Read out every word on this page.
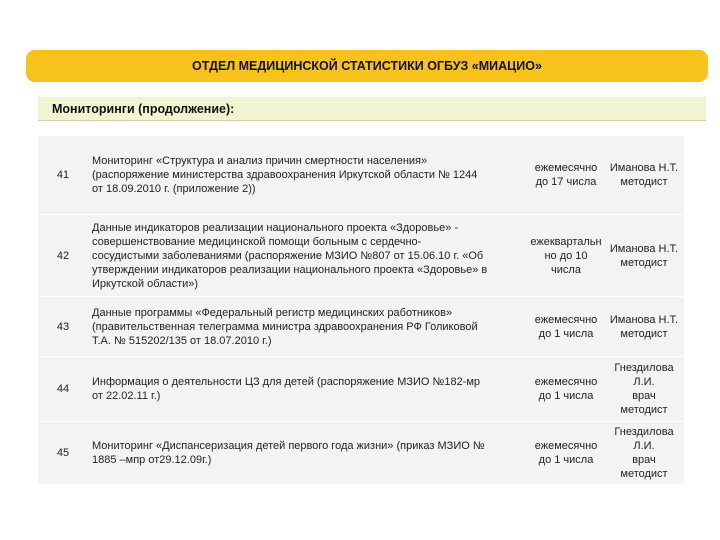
ОТДЕЛ МЕДИЦИНСКОЙ СТАТИСТИКИ ОГБУЗ «МИАЦИО»
Мониторинги (продолжение):
41
Мониторинг «Структура и анализ причин смертности населения»
(распоряжение министерства здравоохранения Иркутской области № 1244
от 18.09.2010 г. (приложение 2))
ежемесячно
до 17 числа
Иманова Н.Т.
методист
42
Данные индикаторов реализации национального проекта «Здоровье» -
совершенствование медицинской помощи больным с сердечно-
сосудистыми заболеваниями (распоряжение МЗИО №807 от 15.06.10 г. «Об
утверждении индикаторов реализации национального проекта «Здоровье» в
Иркутской области»)
ежеквартальн
но до 10
числа
Иманова Н.Т.
методист
43
Данные программы «Федеральный регистр медицинских работников»
(правительственная телеграмма министра здравоохранения РФ Голиковой
Т.А. № 515202/135 от 18.07.2010 г.)
ежемесячно
до 1 числа
Иманова Н.Т.
методист
44
Информация о деятельности ЦЗ для детей (распоряжение МЗИО №182-мр
от 22.02.11 г.)
ежемесячно
до 1 числа
Гнездилова
Л.И.
врач
методист
45
Мониторинг «Диспансеризация детей первого года жизни» (приказ МЗИО №
1885 –мпр от29.12.09г.)
ежемесячно
до 1 числа
Гнездилова
Л.И.
врач
методист
